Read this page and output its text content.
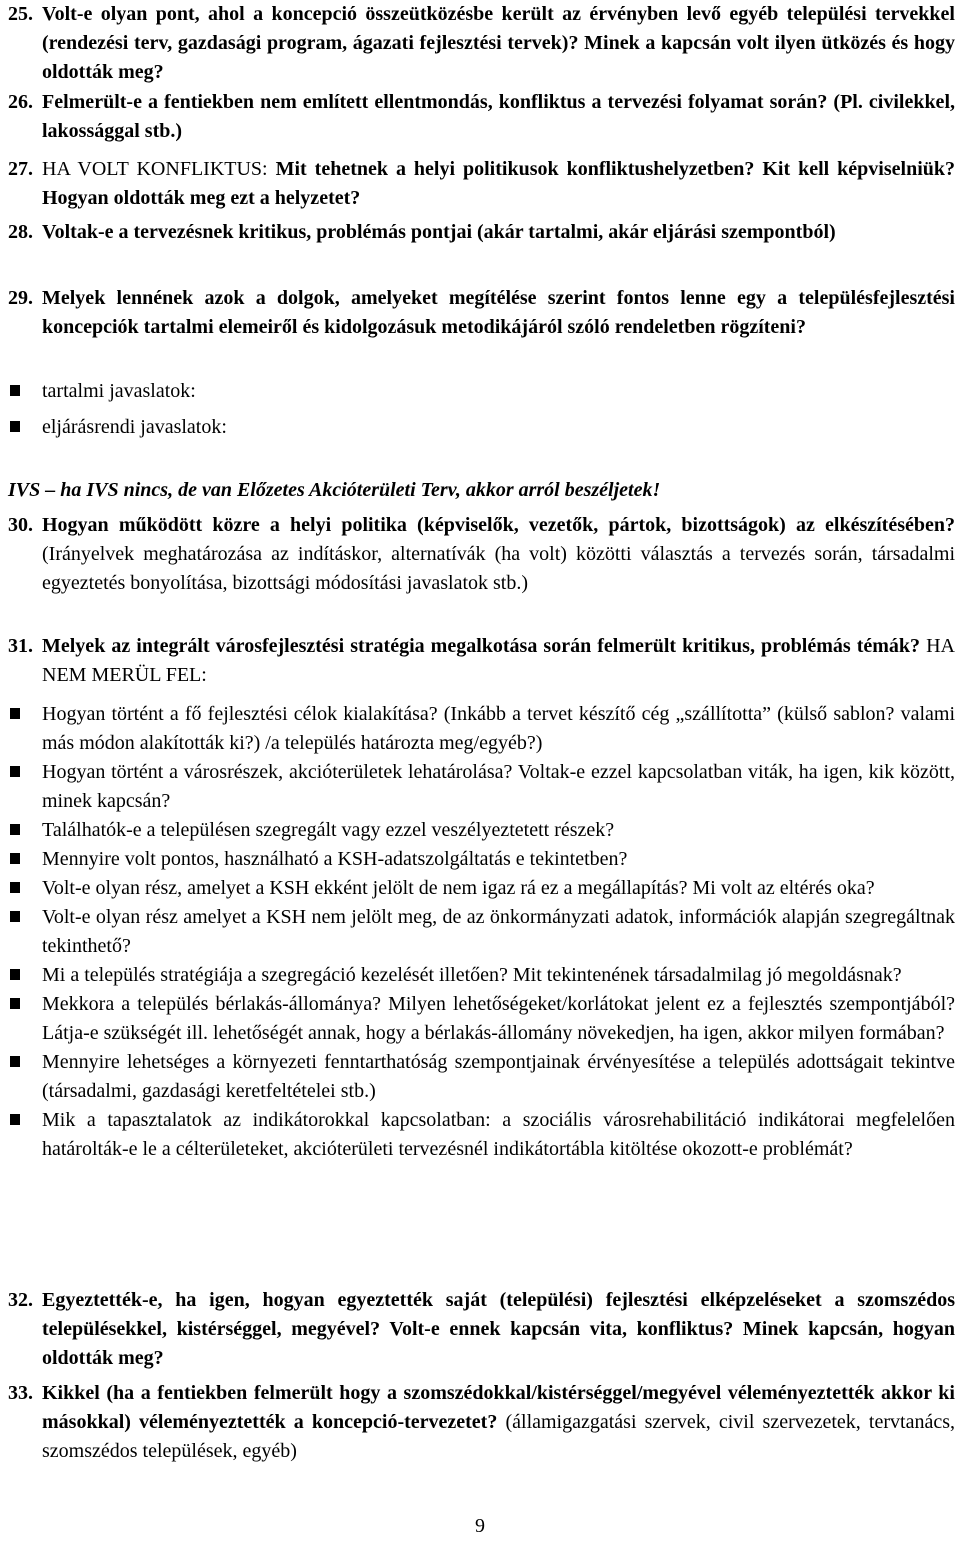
25. Volt-e olyan pont, ahol a koncepció összeütközésbe került az érvényben levő egyéb települési tervekkel (rendezési terv, gazdasági program, ágazati fejlesztési tervek)? Minek a kapcsán volt ilyen ütközés és hogy oldották meg?
26. Felmerült-e a fentiekben nem említett ellentmondás, konfliktus a tervezési folyamat során? (Pl. civilekkel, lakossággal stb.)
27. HA VOLT KONFLIKTUS: Mit tehetnek a helyi politikusok konfliktushelyzetben? Kit kell képviselniük? Hogyan oldották meg ezt a helyzetet?
28. Voltak-e a tervezésnek kritikus, problémás pontjai (akár tartalmi, akár eljárási szempontból)
29. Melyek lennének azok a dolgok, amelyeket megítélése szerint fontos lenne egy a településfejlesztési koncepciók tartalmi elemeiről és kidolgozásuk metodikájáról szóló rendeletben rögzíteni?
tartalmi javaslatok:
eljárásrendi javaslatok:
IVS – ha IVS nincs, de van Előzetes Akcióterületi Terv, akkor arról beszéljetek!
30. Hogyan működött közre a helyi politika (képviselők, vezetők, pártok, bizottságok) az elkészítésében? (Irányelvek meghatározása az indításkor, alternatívák (ha volt) közötti választás a tervezés során, társadalmi egyeztetés bonyolítása, bizottsági módosítási javaslatok stb.)
31. Melyek az integrált városfejlesztési stratégia megalkotása során felmerült kritikus, problémás témák? HA NEM MERÜL FEL:
Hogyan történt a fő fejlesztési célok kialakítása? (Inkább a tervet készítő cég „szállította” (külső sablon? valami más módon alakították ki?) /a település határozta meg/egyéb?)
Hogyan történt a városrészek, akcióterületek lehatárolása? Voltak-e ezzel kapcsolatban viták, ha igen, kik között, minek kapcsán?
Találhatók-e a településen szegregált vagy ezzel veszélyeztetett részek?
Mennyire volt pontos, használható a KSH-adatszolgáltatás e tekintetben?
Volt-e olyan rész, amelyet a KSH ekként jelölt de nem igaz rá ez a megállapítás? Mi volt az eltérés oka?
Volt-e olyan rész amelyet a KSH nem jelölt meg, de az önkormányzati adatok, információk alapján szegregáltnak tekinthető?
Mi a település stratégiája a szegregáció kezelését illetően? Mit tekintenének társadalmilag jó megoldásnak?
Mekkora a település bérlakás-állománya? Milyen lehetőségeket/korlátokat jelent ez a fejlesztés szempontjából? Látja-e szükségét ill. lehetőségét annak, hogy a bérlakás-állomány növekedjen, ha igen, akkor milyen formában?
Mennyire lehetséges a környezeti fenntarthatóság szempontjainak érvényesítése a település adottságait tekintve (társadalmi, gazdasági keretfeltételei stb.)
Mik a tapasztalatok az indikátorokkal kapcsolatban: a szociális városrehabilitáció indikátorai megfelelően határolták-e le a célterületeket, akcióterületi tervezésnél indikátortábla kitöltése okozott-e problémát?
32. Egyeztették-e, ha igen, hogyan egyeztették saját (települési) fejlesztési elképzeléseket a szomszédos településekkel, kistérséggel, megyével? Volt-e ennek kapcsán vita, konfliktus? Minek kapcsán, hogyan oldották meg?
33. Kikkel (ha a fentiekben felmerült hogy a szomszédokkal/kistérséggel/megyével véleményeztették akkor ki másokkal) véleményeztették a koncepció-tervezetet? (államigazgatási szervek, civil szervezetek, tervtanács, szomszédos települések, egyéb)
9
